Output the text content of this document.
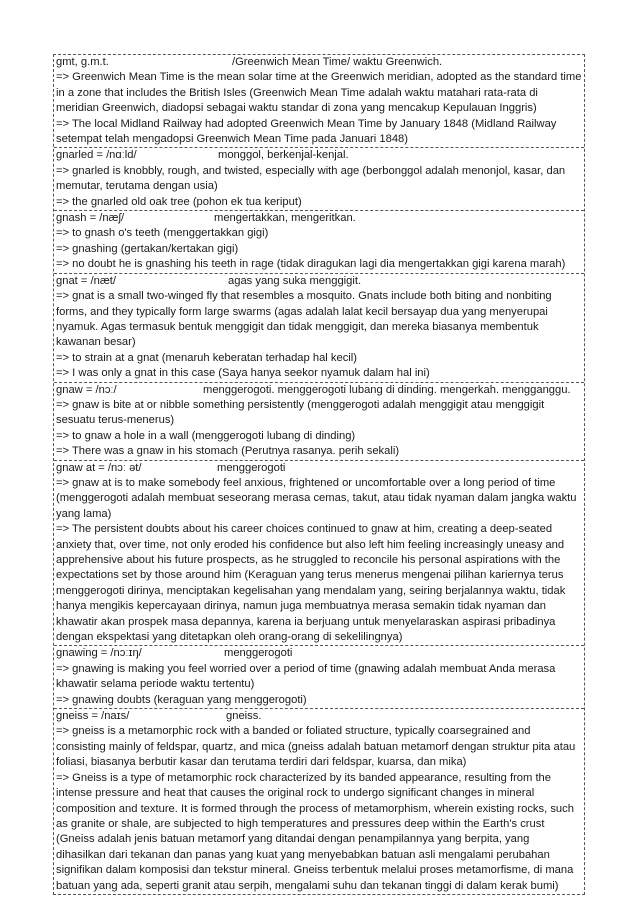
gmt, g.m.t.	/Greenwich Mean Time/ waktu Greenwich.
=> Greenwich Mean Time is the mean solar time at the Greenwich meridian, adopted as the standard time in a zone that includes the British Isles (Greenwich Mean Time adalah waktu matahari rata-rata di meridian Greenwich, diadopsi sebagai waktu standar di zona yang mencakup Kepulauan Inggris)
=> The local Midland Railway had adopted Greenwich Mean Time by January 1848 (Midland Railway setempat telah mengadopsi Greenwich Mean Time pada Januari 1848)
gnarled = /nɑːld/	monggol, berkenjal-kenjal.
=> gnarled is knobbly, rough, and twisted, especially with age (berbonggol adalah menonjol, kasar, dan memutar, terutama dengan usia)
=> the gnarled old oak tree (pohon ek tua keriput)
gnash = /næʃ/	mengertakkan, mengeritkan.
=> to gnash o's teeth (menggertakkan gigi)
=> gnashing (gertakan/kertakan gigi)
=> no doubt he is gnashing his teeth in rage (tidak diragukan lagi dia mengertakkan gigi karena marah)
gnat = /næt/	agas yang suka menggigit.
=> gnat is a small two-winged fly that resembles a mosquito. Gnats include both biting and nonbiting forms, and they typically form large swarms (agas adalah lalat kecil bersayap dua yang menyerupai nyamuk. Agas termasuk bentuk menggigit dan tidak menggigit, dan mereka biasanya membentuk kawanan besar)
=> to strain at a gnat (menaruh keberatan terhadap hal kecil)
=> I was only a gnat in this case (Saya hanya seekor nyamuk dalam hal ini)
gnaw = /nɔː/	menggerogoti. menggerogoti lubang di dinding. mengerkah. mengganggu.
=> gnaw is bite at or nibble something persistently (menggerogoti adalah menggigit atau menggigit sesuatu terus-menerus)
=> to gnaw a hole in a wall (menggerogoti lubang di dinding)
=> There was a gnaw in his stomach (Perutnya rasanya. perih sekali)
gnaw at = /nɔː ət/	menggerogoti
=> gnaw at is to make somebody feel anxious, frightened or uncomfortable over a long period of time (menggerogoti adalah membuat seseorang merasa cemas, takut, atau tidak nyaman dalam jangka waktu yang lama)
=> The persistent doubts about his career choices continued to gnaw at him, creating a deep-seated anxiety that, over time, not only eroded his confidence but also left him feeling increasingly uneasy and apprehensive about his future prospects, as he struggled to reconcile his personal aspirations with the expectations set by those around him (Keraguan yang terus menerus mengenai pilihan kariernya terus menggerogoti dirinya, menciptakan kegelisahan yang mendalam yang, seiring berjalannya waktu, tidak hanya mengikis kepercayaan dirinya, namun juga membuatnya merasa semakin tidak nyaman dan khawatir akan prospek masa depannya, karena ia berjuang untuk menyelaraskan aspirasi pribadinya dengan ekspektasi yang ditetapkan oleh orang-orang di sekelilingnya)
gnawing = /nɔːɪŋ/	menggerogoti
=> gnawing is making you feel worried over a period of time (gnawing adalah membuat Anda merasa khawatir selama periode waktu tertentu)
=> gnawing doubts (keraguan yang menggerogoti)
gneiss = /naɪs/	gneiss.
=> gneiss is a metamorphic rock with a banded or foliated structure, typically coarsegrained and consisting mainly of feldspar, quartz, and mica (gneiss adalah batuan metamorf dengan struktur pita atau foliasi, biasanya berbutir kasar dan terutama terdiri dari feldspar, kuarsa, dan mika)
=> Gneiss is a type of metamorphic rock characterized by its banded appearance, resulting from the intense pressure and heat that causes the original rock to undergo significant changes in mineral composition and texture. It is formed through the process of metamorphism, wherein existing rocks, such as granite or shale, are subjected to high temperatures and pressures deep within the Earth's crust (Gneiss adalah jenis batuan metamorf yang ditandai dengan penampilannya yang berpita, yang dihasilkan dari tekanan dan panas yang kuat yang menyebabkan batuan asli mengalami perubahan signifikan dalam komposisi dan tekstur mineral. Gneiss terbentuk melalui proses metamorfisme, di mana batuan yang ada, seperti granit atau serpih, mengalami suhu dan tekanan tinggi di dalam kerak bumi)
